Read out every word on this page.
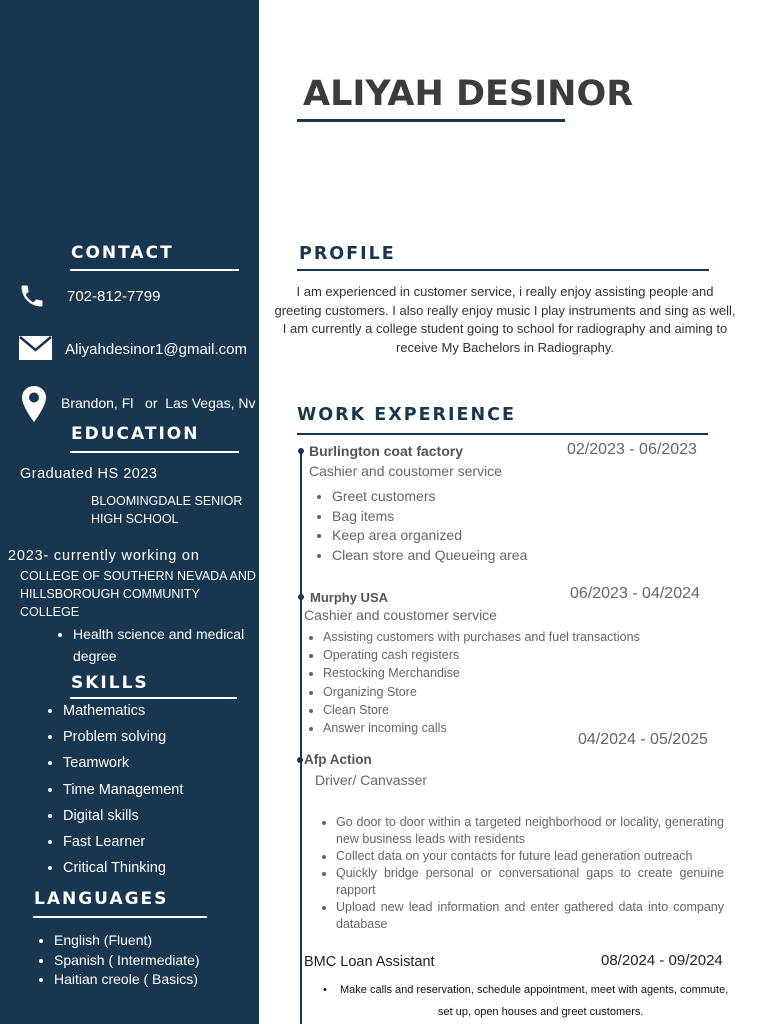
CONTACT
702-812-7799
Aliyahdesinor1@gmail.com
Brandon, Fl   or  Las Vegas, Nv
EDUCATION
Graduated HS 2023
BLOOMINGDALE SENIOR
HIGH SCHOOL
2023- currently working on
COLLEGE OF SOUTHERN NEVADA AND
HILLSBOROUGH COMMUNITY
COLLEGE
• Health science and medical
degree
SKILLS
• Mathematics
• Problem solving
• Teamwork
• Time Management
• Digital skills
• Fast Learner
• Critical Thinking
LANGUAGES
• English (Fluent)
• Spanish ( Intermediate)
• Haitian creole ( Basics)
ALIYAH DESINOR
PROFILE
I am experienced in customer service, i really enjoy assisting people and greeting customers. I also really enjoy music I play instruments and sing as well, I am currently a college student going to school for radiography and aiming to receive My Bachelors in Radiography.
WORK EXPERIENCE
Burlington coat factory	02/2023 - 06/2023
Cashier and coustomer service
• Greet customers
• Bag items
• Keep area organized
• Clean store and Queueing area
Murphy USA	06/2023 - 04/2024
Cashier and coustomer service
• Assisting customers with purchases and fuel transactions
• Operating cash registers
• Restocking Merchandise
• Organizing Store
• Clean Store
• Answer incoming calls
Afp Action
04/2024 - 05/2025
Driver/ Canvasser
• Go door to door within a targeted neighborhood or locality, generating new business leads with residents
• Collect data on your contacts for future lead generation outreach
• Quickly bridge personal or conversational gaps to create genuine rapport
• Upload new lead information and enter gathered data into company database
BMC Loan Assistant	08/2024 - 09/2024
• Make calls and reservation, schedule appointment, meet with agents, commute,
set up, open houses and greet customers.
